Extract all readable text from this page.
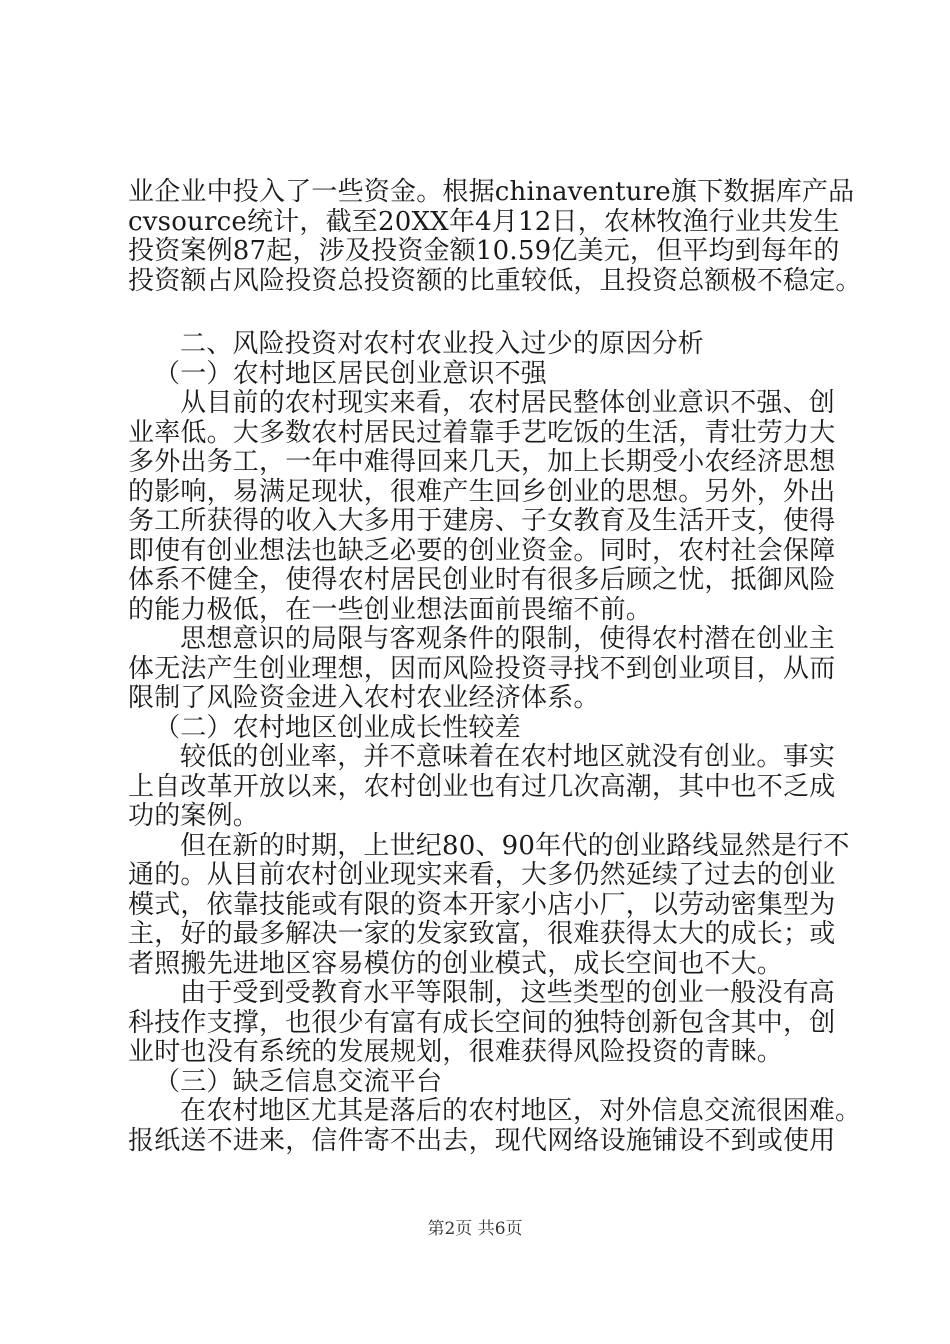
业企业中投入了一些资金。根据chinaventure旗下数据库产品
cvsource统计，截至20XX年4月12日，农林牧渔行业共发生
投资案例87起，涉及投资金额10.59亿美元，但平均到每年的
投资额占风险投资总投资额的比重较低，且投资总额极不稳定。
二、风险投资对农村农业投入过少的原因分析
（一）农村地区居民创业意识不强
从目前的农村现实来看，农村居民整体创业意识不强、创
业率低。大多数农村居民过着靠手艺吃饭的生活，青壮劳力大
多外出务工，一年中难得回来几天，加上长期受小农经济思想
的影响，易满足现状，很难产生回乡创业的思想。另外，外出
务工所获得的收入大多用于建房、子女教育及生活开支，使得
即使有创业想法也缺乏必要的创业资金。同时，农村社会保障
体系不健全，使得农村居民创业时有很多后顾之忧，抵御风险
的能力极低，在一些创业想法面前畏缩不前。
思想意识的局限与客观条件的限制，使得农村潜在创业主
体无法产生创业理想，因而风险投资寻找不到创业项目，从而
限制了风险资金进入农村农业经济体系。
（二）农村地区创业成长性较差
较低的创业率，并不意味着在农村地区就没有创业。事实
上自改革开放以来，农村创业也有过几次高潮，其中也不乏成
功的案例。
但在新的时期，上世纪80、90年代的创业路线显然是行不
通的。从目前农村创业现实来看，大多仍然延续了过去的创业
模式，依靠技能或有限的资本开家小店小厂，以劳动密集型为
主，好的最多解决一家的发家致富，很难获得太大的成长；或
者照搬先进地区容易模仿的创业模式，成长空间也不大。
由于受到受教育水平等限制，这些类型的创业一般没有高
科技作支撑，也很少有富有成长空间的独特创新包含其中，创
业时也没有系统的发展规划，很难获得风险投资的青睐。
（三）缺乏信息交流平台
在农村地区尤其是落后的农村地区，对外信息交流很困难。
报纸送不进来，信件寄不出去，现代网络设施铺设不到或使用
第2页 共6页
